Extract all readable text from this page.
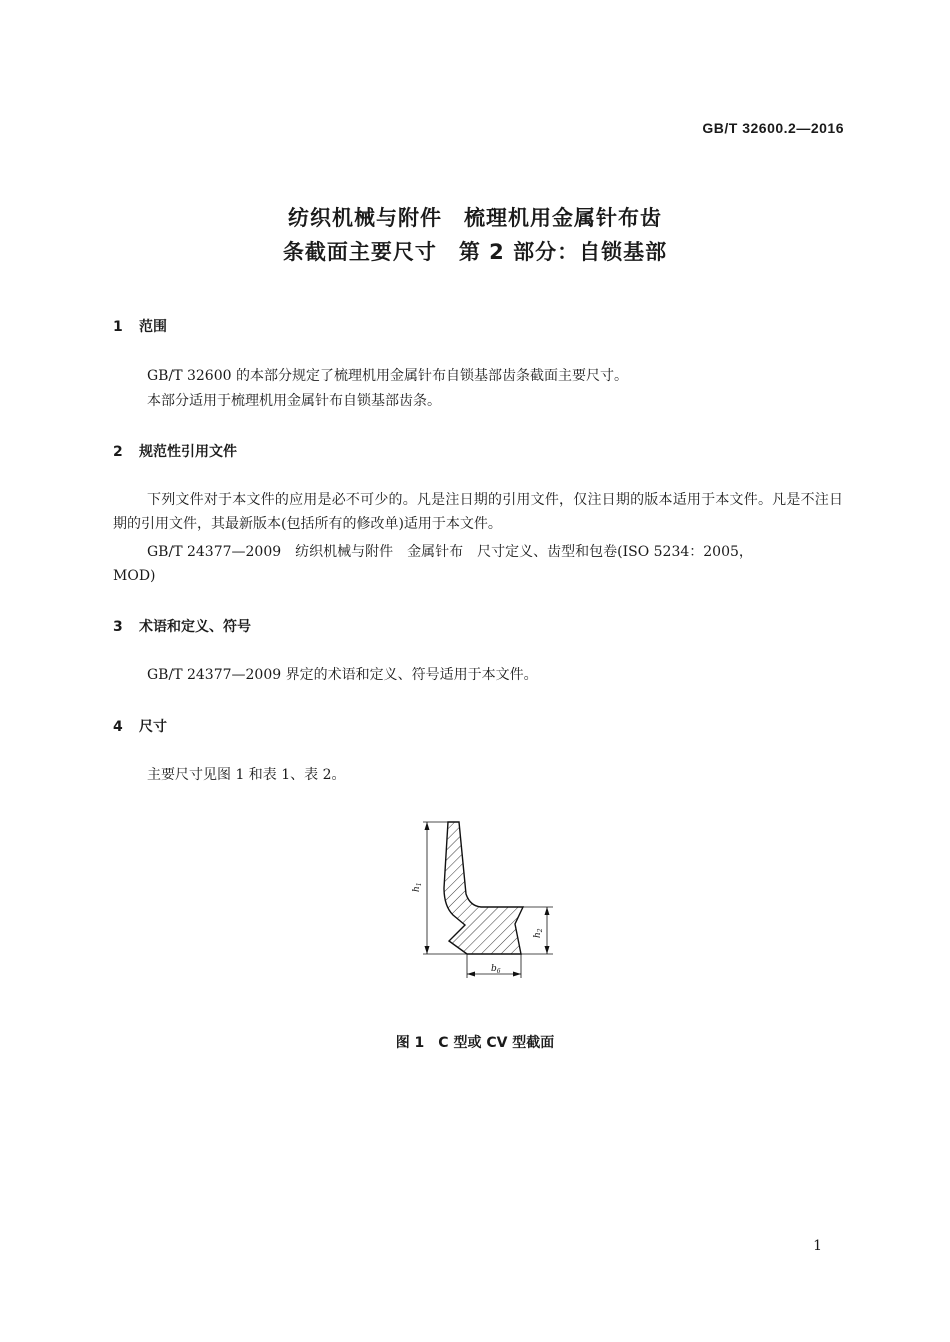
GB/T 32600.2—2016
纺织机械与附件　梳理机用金属针布齿
条截面主要尺寸　第 2 部分：自锁基部
1 范围
GB/T 32600 的本部分规定了梳理机用金属针布自锁基部齿条截面主要尺寸。
本部分适用于梳理机用金属针布自锁基部齿条。
2 规范性引用文件
下列文件对于本文件的应用是必不可少的。凡是注日期的引用文件，仅注日期的版本适用于本文件。凡是不注日期的引用文件，其最新版本(包括所有的修改单)适用于本文件。
GB/T 24377—2009　纺织机械与附件　金属针布　尺寸定义、齿型和包卷(ISO 5234：2005，
MOD)
3 术语和定义、符号
GB/T 24377—2009 界定的术语和定义、符号适用于本文件。
4 尺寸
主要尺寸见图 1 和表 1、表 2。
$h_1$
$h_2$
$b_6$
图 1　C 型或 CV 型截面
1
